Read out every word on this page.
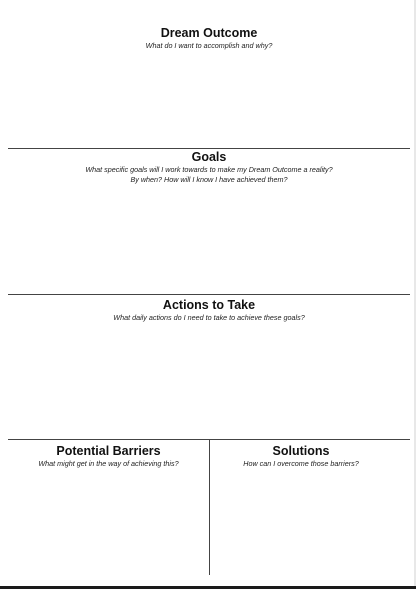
Dream Outcome
What do I want to accomplish and why?
Goals
What specific goals will I work towards to make my Dream Outcome a reality?
By when? How will I know I have achieved them?
Actions to Take
What daily actions do I need to take to achieve these goals?
Potential Barriers
What might get in the way of achieving this?
Solutions
How can I overcome those barriers?
